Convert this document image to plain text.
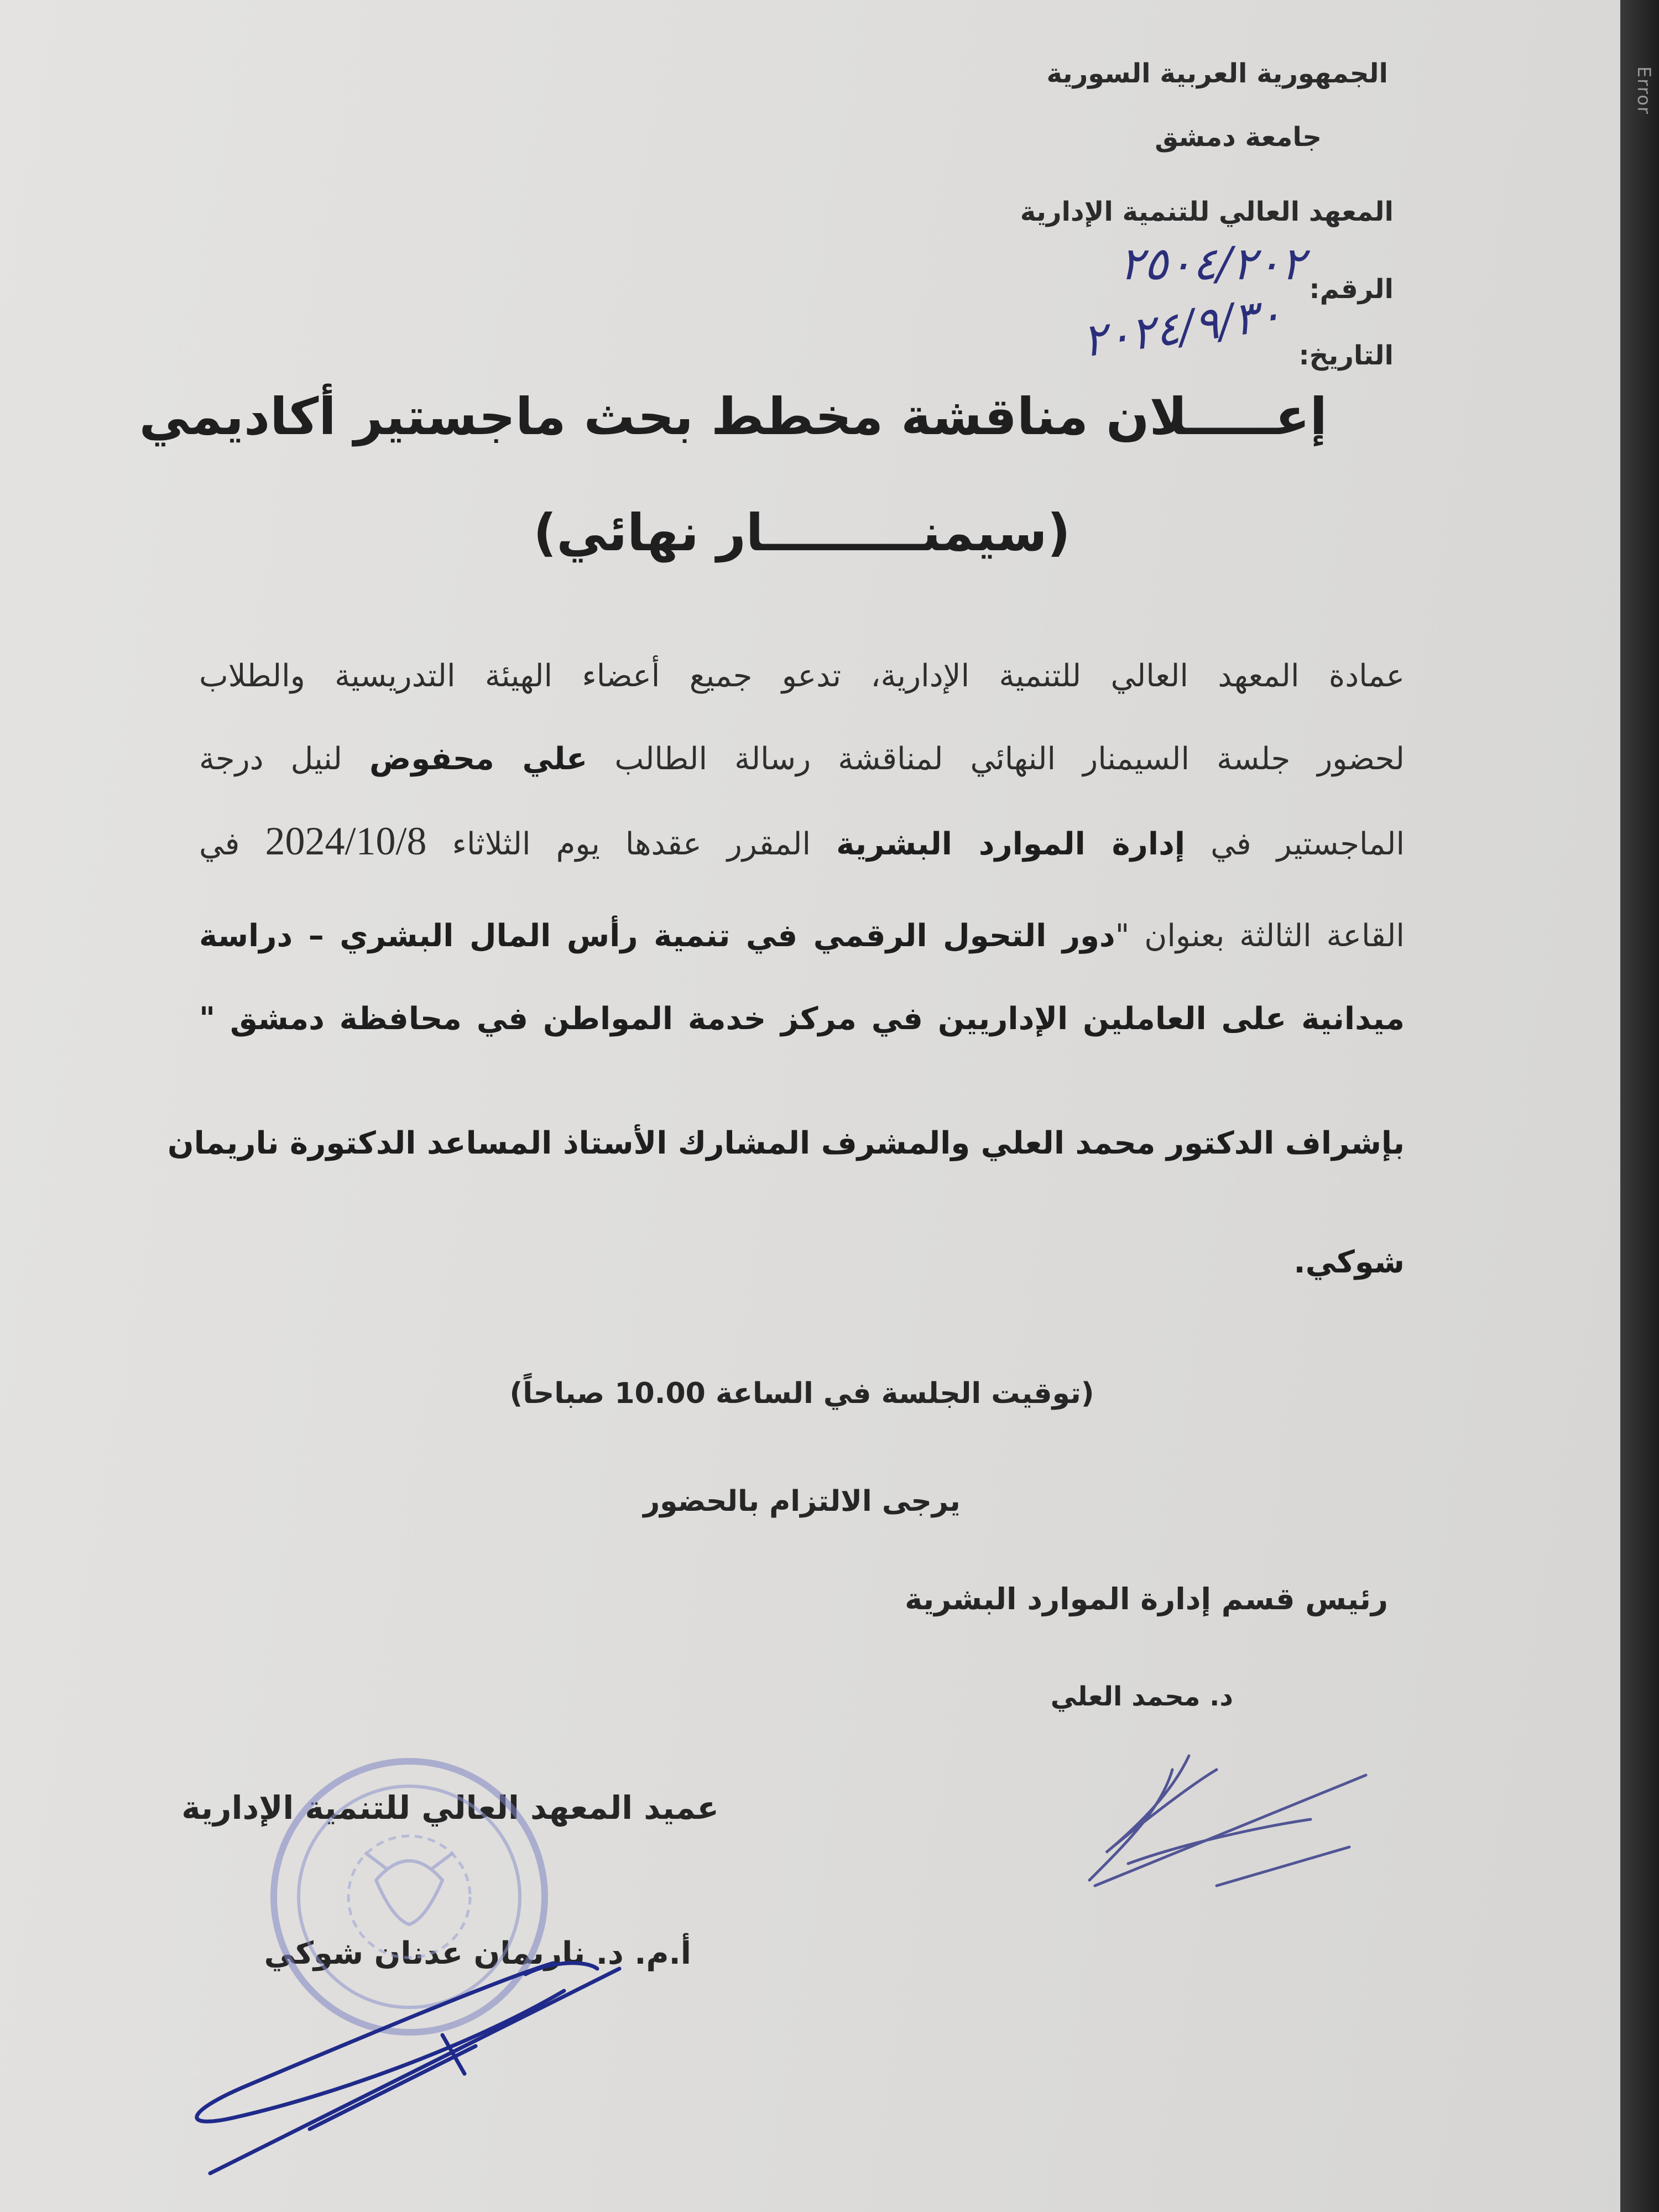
Error
الجمهورية العربية السورية
جامعة دمشق
المعهد العالي للتنمية الإدارية
الرقم:
٢٥٠٤/٢٠٢
التاريخ:
٢٠٢٤/٩/٣٠
إعـــــلان مناقشة مخطط بحث ماجستير أكاديمي
(سيمنـــــــــار نهائي)
عمادة المعهد العالي للتنمية الإدارية، تدعو جميع أعضاء الهيئة التدريسية والطلاب
لحضور جلسة السيمنار النهائي لمناقشة رسالة الطالب علي محفوض لنيل درجة
الماجستير في إدارة الموارد البشرية المقرر عقدها يوم الثلاثاء 2024/10/8 في
القاعة الثالثة بعنوان "دور التحول الرقمي في تنمية رأس المال البشري – دراسة
ميدانية على العاملين الإداريين في مركز خدمة المواطن في محافظة دمشق "
بإشراف الدكتور محمد العلي والمشرف المشارك الأستاذ المساعد الدكتورة ناريمان
شوكي.
(توقيت الجلسة في الساعة 10.00 صباحاً)
يرجى الالتزام بالحضور
رئيس قسم إدارة الموارد البشرية
د. محمد العلي
عميد المعهد العالي للتنمية الإدارية
أ.م. د. ناريمان عدنان شوكي
